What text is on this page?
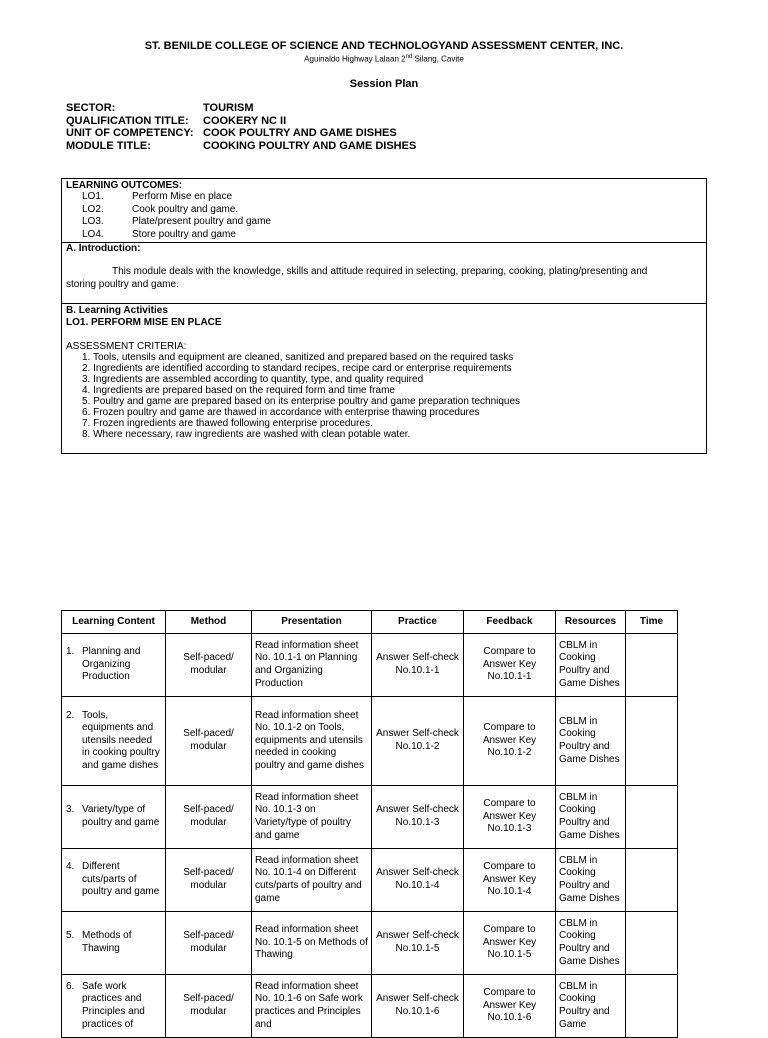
ST. BENILDE COLLEGE OF SCIENCE AND TECHNOLOGYAND ASSESSMENT CENTER, INC.
Aguinaldo Highway Lalaan 2nd Silang, Cavite
Session Plan
SECTOR:	TOURISM
QUALIFICATION TITLE: COOKERY NC II
UNIT OF COMPETENCY: COOK POULTRY AND GAME DISHES
MODULE TITLE:	COOKING POULTRY AND GAME DISHES
LEARNING OUTCOMES:
LO1.	Perform Mise en place
LO2.	Cook poultry and game.
LO3.	Plate/present poultry and game
LO4.	Store poultry and game
A. Introduction:
This module deals with the knowledge, skills and attitude required in selecting, preparing, cooking, plating/presenting and storing poultry and game.
B. Learning Activities
LO1. PERFORM MISE EN PLACE
ASSESSMENT CRITERIA:
1. Tools, utensils and equipment are cleaned, sanitized and prepared based on the required tasks
2. Ingredients are identified according to standard recipes, recipe card or enterprise requirements
3. Ingredients are assembled according to quantity, type, and quality required
4. Ingredients are prepared based on the required form and time frame
5. Poultry and game are prepared based on its enterprise poultry and game preparation techniques
6. Frozen poultry and game are thawed in accordance with enterprise thawing procedures
7. Frozen ingredients are thawed following enterprise procedures.
8. Where necessary, raw ingredients are washed with clean potable water.
Learning Content	Method	Presentation	Practice	Feedback	Resources	Time

1. Planning and Organizing Production	Self-paced/ modular	Read information sheet No. 10.1-1 on Planning and Organizing Production	Answer Self-check No.10.1-1	Compare to Answer Key No.10.1-1	CBLM in Cooking Poultry and Game Dishes	

2. Tools, equipments and utensils needed in cooking poultry and game dishes	Self-paced/ modular	Read information sheet No. 10.1-2 on Tools, equipments and utensils needed in cooking poultry and game dishes	Answer Self-check No.10.1-2	Compare to Answer Key No.10.1-2	CBLM in Cooking Poultry and Game Dishes	

3. Variety/type of poultry and game	Self-paced/ modular	Read information sheet No. 10.1-3 on Variety/type of poultry and game	Answer Self-check No.10.1-3	Compare to Answer Key No.10.1-3	CBLM in Cooking Poultry and Game Dishes	

4. Different cuts/parts of poultry and game	Self-paced/ modular	Read information sheet No. 10.1-4 on Different cuts/parts of poultry and game	Answer Self-check No.10.1-4	Compare to Answer Key No.10.1-4	CBLM in Cooking Poultry and Game Dishes	

5. Methods of Thawing	Self-paced/ modular	Read information sheet No. 10.1-5 on Methods of Thawing	Answer Self-check No.10.1-5	Compare to Answer Key No.10.1-5	CBLM in Cooking Poultry and Game Dishes	

6. Safe work practices and Principles and practices of	Self-paced/ modular	Read information sheet No. 10.1-6 on Safe work practices and Principles and	Answer Self-check No.10.1-6	Compare to Answer Key No.10.1-6	CBLM in Cooking Poultry and Game	
